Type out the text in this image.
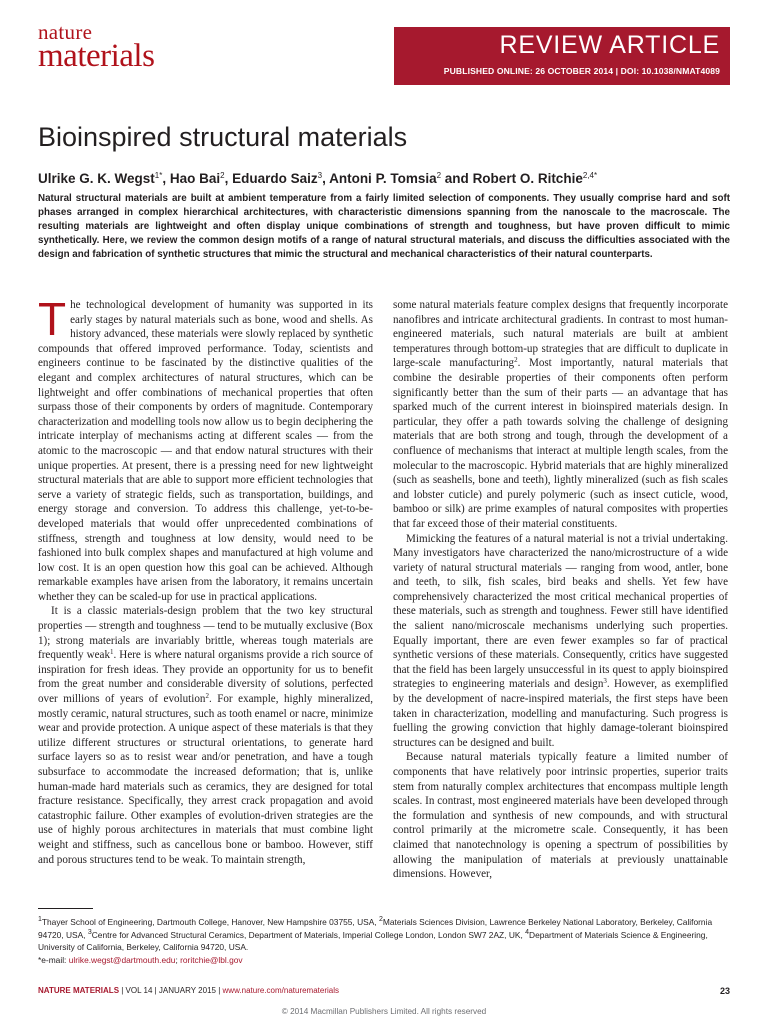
nature
materials	REVIEW ARTICLE
PUBLISHED ONLINE: 26 OCTOBER 2014 | DOI: 10.1038/NMAT4089
Bioinspired structural materials
Ulrike G. K. Wegst$^{1*}$, Hao Bai$^2$, Eduardo Saiz$^3$, Antoni P. Tomsia$^2$ and Robert O. Ritchie$^{2,4*}$
Natural structural materials are built at ambient temperature from a fairly limited selection of components. They usually comprise hard and soft phases arranged in complex hierarchical architectures, with characteristic dimensions spanning from the nanoscale to the macroscale. The resulting materials are lightweight and often display unique combinations of strength and toughness, but have proven difficult to mimic synthetically. Here, we review the common design motifs of a range of natural structural materials, and discuss the difficulties associated with the design and fabrication of synthetic structures that mimic the structural and mechanical characteristics of their natural counterparts.

The technological development of humanity was supported in its early stages by natural materials such as bone, wood and shells. As history advanced, these materials were slowly replaced by synthetic compounds that offered improved performance. Today, scientists and engineers continue to be fascinated by the distinctive qualities of the elegant and complex architectures of natural structures, which can be lightweight and offer combinations of mechanical properties that often surpass those of their components by orders of magnitude. Contemporary characterization and modelling tools now allow us to begin deciphering the intricate interplay of mechanisms acting at different scales — from the atomic to the macroscopic — and that endow natural structures with their unique properties. At present, there is a pressing need for new lightweight structural materials that are able to support more efficient technologies that serve a variety of strategic fields, such as transportation, buildings, and energy storage and conversion. To address this challenge, yet-to-be-developed materials that would offer unprecedented combinations of stiffness, strength and toughness at low density, would need to be fashioned into bulk complex shapes and manufactured at high volume and low cost. It is an open question how this goal can be achieved. Although remarkable examples have arisen from the laboratory, it remains uncertain whether they can be scaled-up for use in practical applications.

It is a classic materials-design problem that the two key structural properties — strength and toughness — tend to be mutually exclusive (Box 1); strong materials are invariably brittle, whereas tough materials are frequently weak$^1$. Here is where natural organisms provide a rich source of inspiration for fresh ideas. They provide an opportunity for us to benefit from the great number and considerable diversity of solutions, perfected over millions of years of evolution$^2$. For example, highly mineralized, mostly ceramic, natural structures, such as tooth enamel or nacre, minimize wear and provide protection. A unique aspect of these materials is that they utilize different structures or structural orientations, to generate hard surface layers so as to resist wear and/or penetration, and have a tough subsurface to accommodate the increased deformation; that is, unlike human-made hard materials such as ceramics, they are designed for total fracture resistance. Specifically, they arrest crack propagation and avoid catastrophic failure. Other examples of evolution-driven strategies are the use of highly porous architectures in materials that must combine light weight and stiffness, such as cancellous bone or bamboo. However, stiff and porous structures tend to be weak. To maintain strength,

some natural materials feature complex designs that frequently incorporate nanofibres and intricate architectural gradients. In contrast to most human-engineered materials, such natural materials are built at ambient temperatures through bottom-up strategies that are difficult to duplicate in large-scale manufacturing$^2$. Most importantly, natural materials that combine the desirable properties of their components often perform significantly better than the sum of their parts — an advantage that has sparked much of the current interest in bioinspired materials design. In particular, they offer a path towards solving the challenge of designing materials that are both strong and tough, through the development of a confluence of mechanisms that interact at multiple length scales, from the molecular to the macroscopic. Hybrid materials that are highly mineralized (such as seashells, bone and teeth), lightly mineralized (such as fish scales and lobster cuticle) and purely polymeric (such as insect cuticle, wood, bamboo or silk) are prime examples of natural composites with properties that far exceed those of their material constituents.

Mimicking the features of a natural material is not a trivial undertaking. Many investigators have characterized the nano/microstructure of a wide variety of natural structural materials — ranging from wood, antler, bone and teeth, to silk, fish scales, bird beaks and shells. Yet few have comprehensively characterized the most critical mechanical properties of these materials, such as strength and toughness. Fewer still have identified the salient nano/microscale mechanisms underlying such properties. Equally important, there are even fewer examples so far of practical synthetic versions of these materials. Consequently, critics have suggested that the field has been largely unsuccessful in its quest to apply bioinspired strategies to engineering materials and design$^3$. However, as exemplified by the development of nacre-inspired materials, the first steps have been taken in characterization, modelling and manufacturing. Such progress is fuelling the growing conviction that highly damage-tolerant bioinspired structures can be designed and built.

Because natural materials typically feature a limited number of components that have relatively poor intrinsic properties, superior traits stem from naturally complex architectures that encompass multiple length scales. In contrast, most engineered materials have been developed through the formulation and synthesis of new compounds, and with structural control primarily at the micrometre scale. Consequently, it has been claimed that nanotechnology is opening a spectrum of possibilities by allowing the manipulation of materials at previously unattainable dimensions. However,

$^1$Thayer School of Engineering, Dartmouth College, Hanover, New Hampshire 03755, USA, $^2$Materials Sciences Division, Lawrence Berkeley National Laboratory, Berkeley, California 94720, USA, $^3$Centre for Advanced Structural Ceramics, Department of Materials, Imperial College London, London SW7 2AZ, UK, $^4$Department of Materials Science & Engineering, University of California, Berkeley, California 94720, USA.
*e-mail: ulrike.wegst@dartmouth.edu; roritchie@lbl.gov
NATURE MATERIALS | VOL 14 | JANUARY 2015 | www.nature.com/naturematerials	23
© 2014 Macmillan Publishers Limited. All rights reserved
